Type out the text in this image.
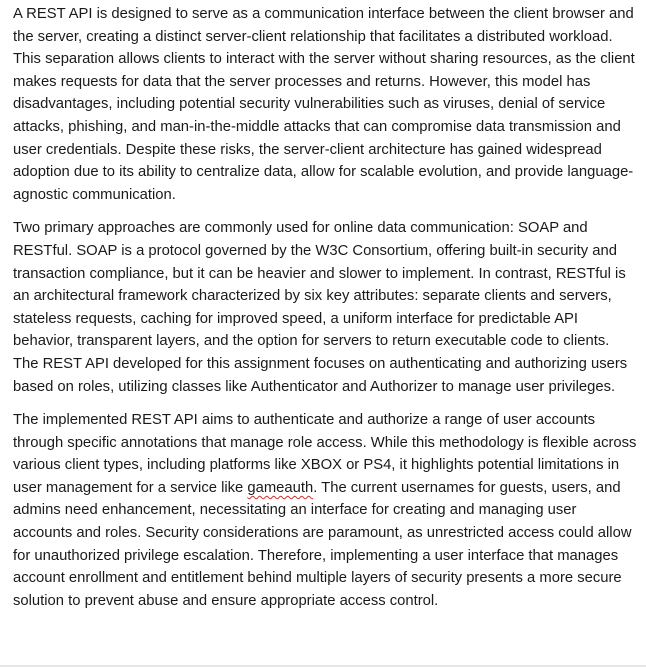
A REST API is designed to serve as a communication interface between the client browser and the server, creating a distinct server-client relationship that facilitates a distributed workload. This separation allows clients to interact with the server without sharing resources, as the client makes requests for data that the server processes and returns. However, this model has disadvantages, including potential security vulnerabilities such as viruses, denial of service attacks, phishing, and man-in-the-middle attacks that can compromise data transmission and user credentials. Despite these risks, the server-client architecture has gained widespread adoption due to its ability to centralize data, allow for scalable evolution, and provide language-agnostic communication.

Two primary approaches are commonly used for online data communication: SOAP and RESTful. SOAP is a protocol governed by the W3C Consortium, offering built-in security and transaction compliance, but it can be heavier and slower to implement. In contrast, RESTful is an architectural framework characterized by six key attributes: separate clients and servers, stateless requests, caching for improved speed, a uniform interface for predictable API behavior, transparent layers, and the option for servers to return executable code to clients. The REST API developed for this assignment focuses on authenticating and authorizing users based on roles, utilizing classes like Authenticator and Authorizer to manage user privileges.

The implemented REST API aims to authenticate and authorize a range of user accounts through specific annotations that manage role access. While this methodology is flexible across various client types, including platforms like XBOX or PS4, it highlights potential limitations in user management for a service like gameauth. The current usernames for guests, users, and admins need enhancement, necessitating an interface for creating and managing user accounts and roles. Security considerations are paramount, as unrestricted access could allow for unauthorized privilege escalation. Therefore, implementing a user interface that manages account enrollment and entitlement behind multiple layers of security presents a more secure solution to prevent abuse and ensure appropriate access control.
